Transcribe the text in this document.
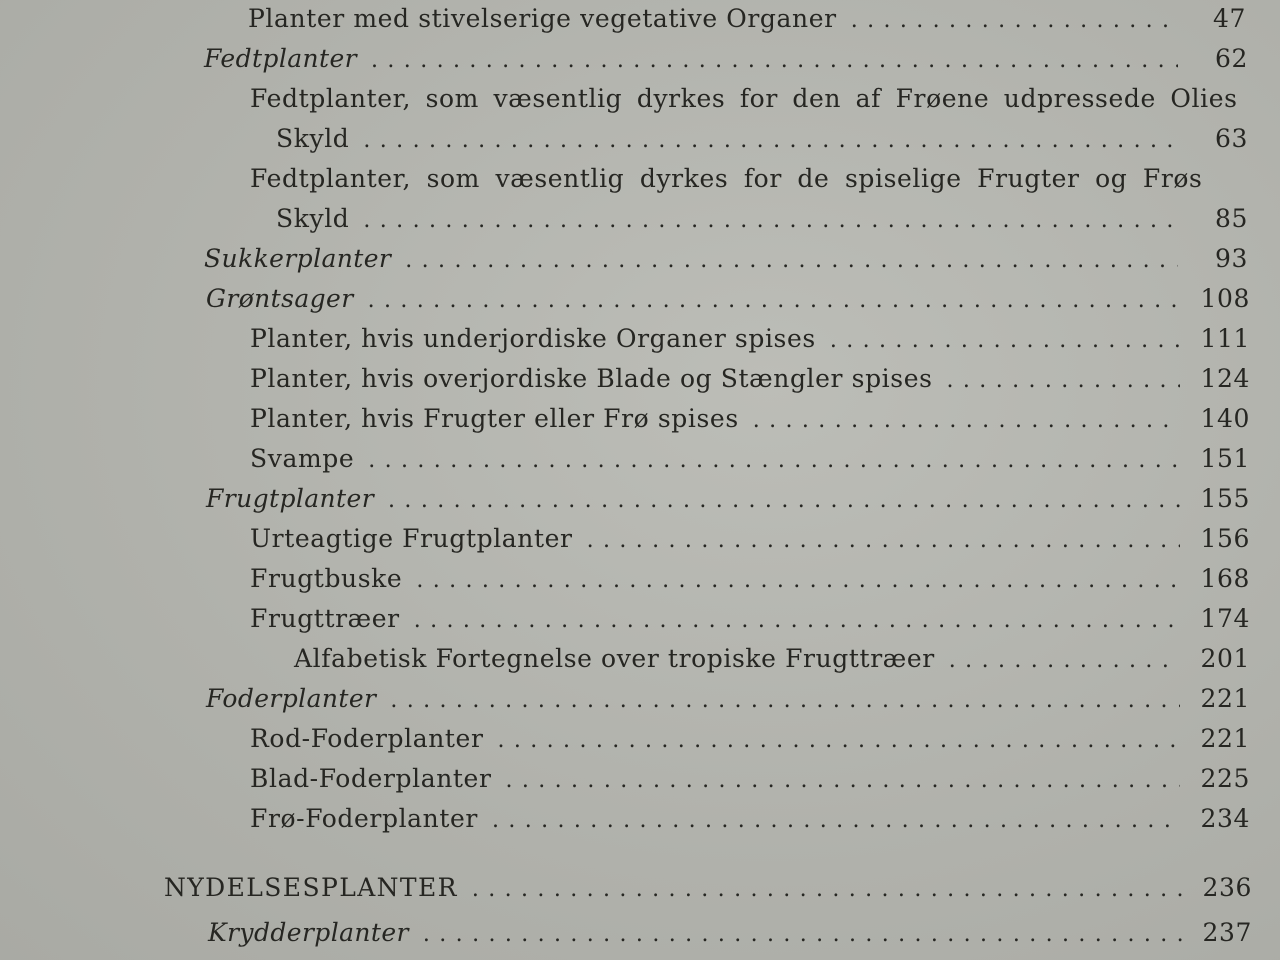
Planter med stivelserige vegetative Organer . . .	47
Fedtplanter . . .	62
Fedtplanter, som væsentlig dyrkes for den af Frøene udpressede Olies
Skyld . . .	63
Fedtplanter, som væsentlig dyrkes for de spiselige Frugter og Frøs
Skyld . . .	85
Sukkerplanter . . .	93
Grøntsager . . .	108
Planter, hvis underjordiske Organer spises . . .	111
Planter, hvis overjordiske Blade og Stængler spises . . .	124
Planter, hvis Frugter eller Frø spises . . .	140
Svampe . . .	151
Frugtplanter . . .	155
Urteagtige Frugtplanter . . .	156
Frugtbuske . . .	168
Frugttræer . . .	174
Alfabetisk Fortegnelse over tropiske Frugttræer . . .	201
Foderplanter . . .	221
Rod-Foderplanter . . .	221
Blad-Foderplanter . . .	225
Frø-Foderplanter . . .	234
NYDELSESPLANTER . . .	236
Krydderplanter . . .	237
